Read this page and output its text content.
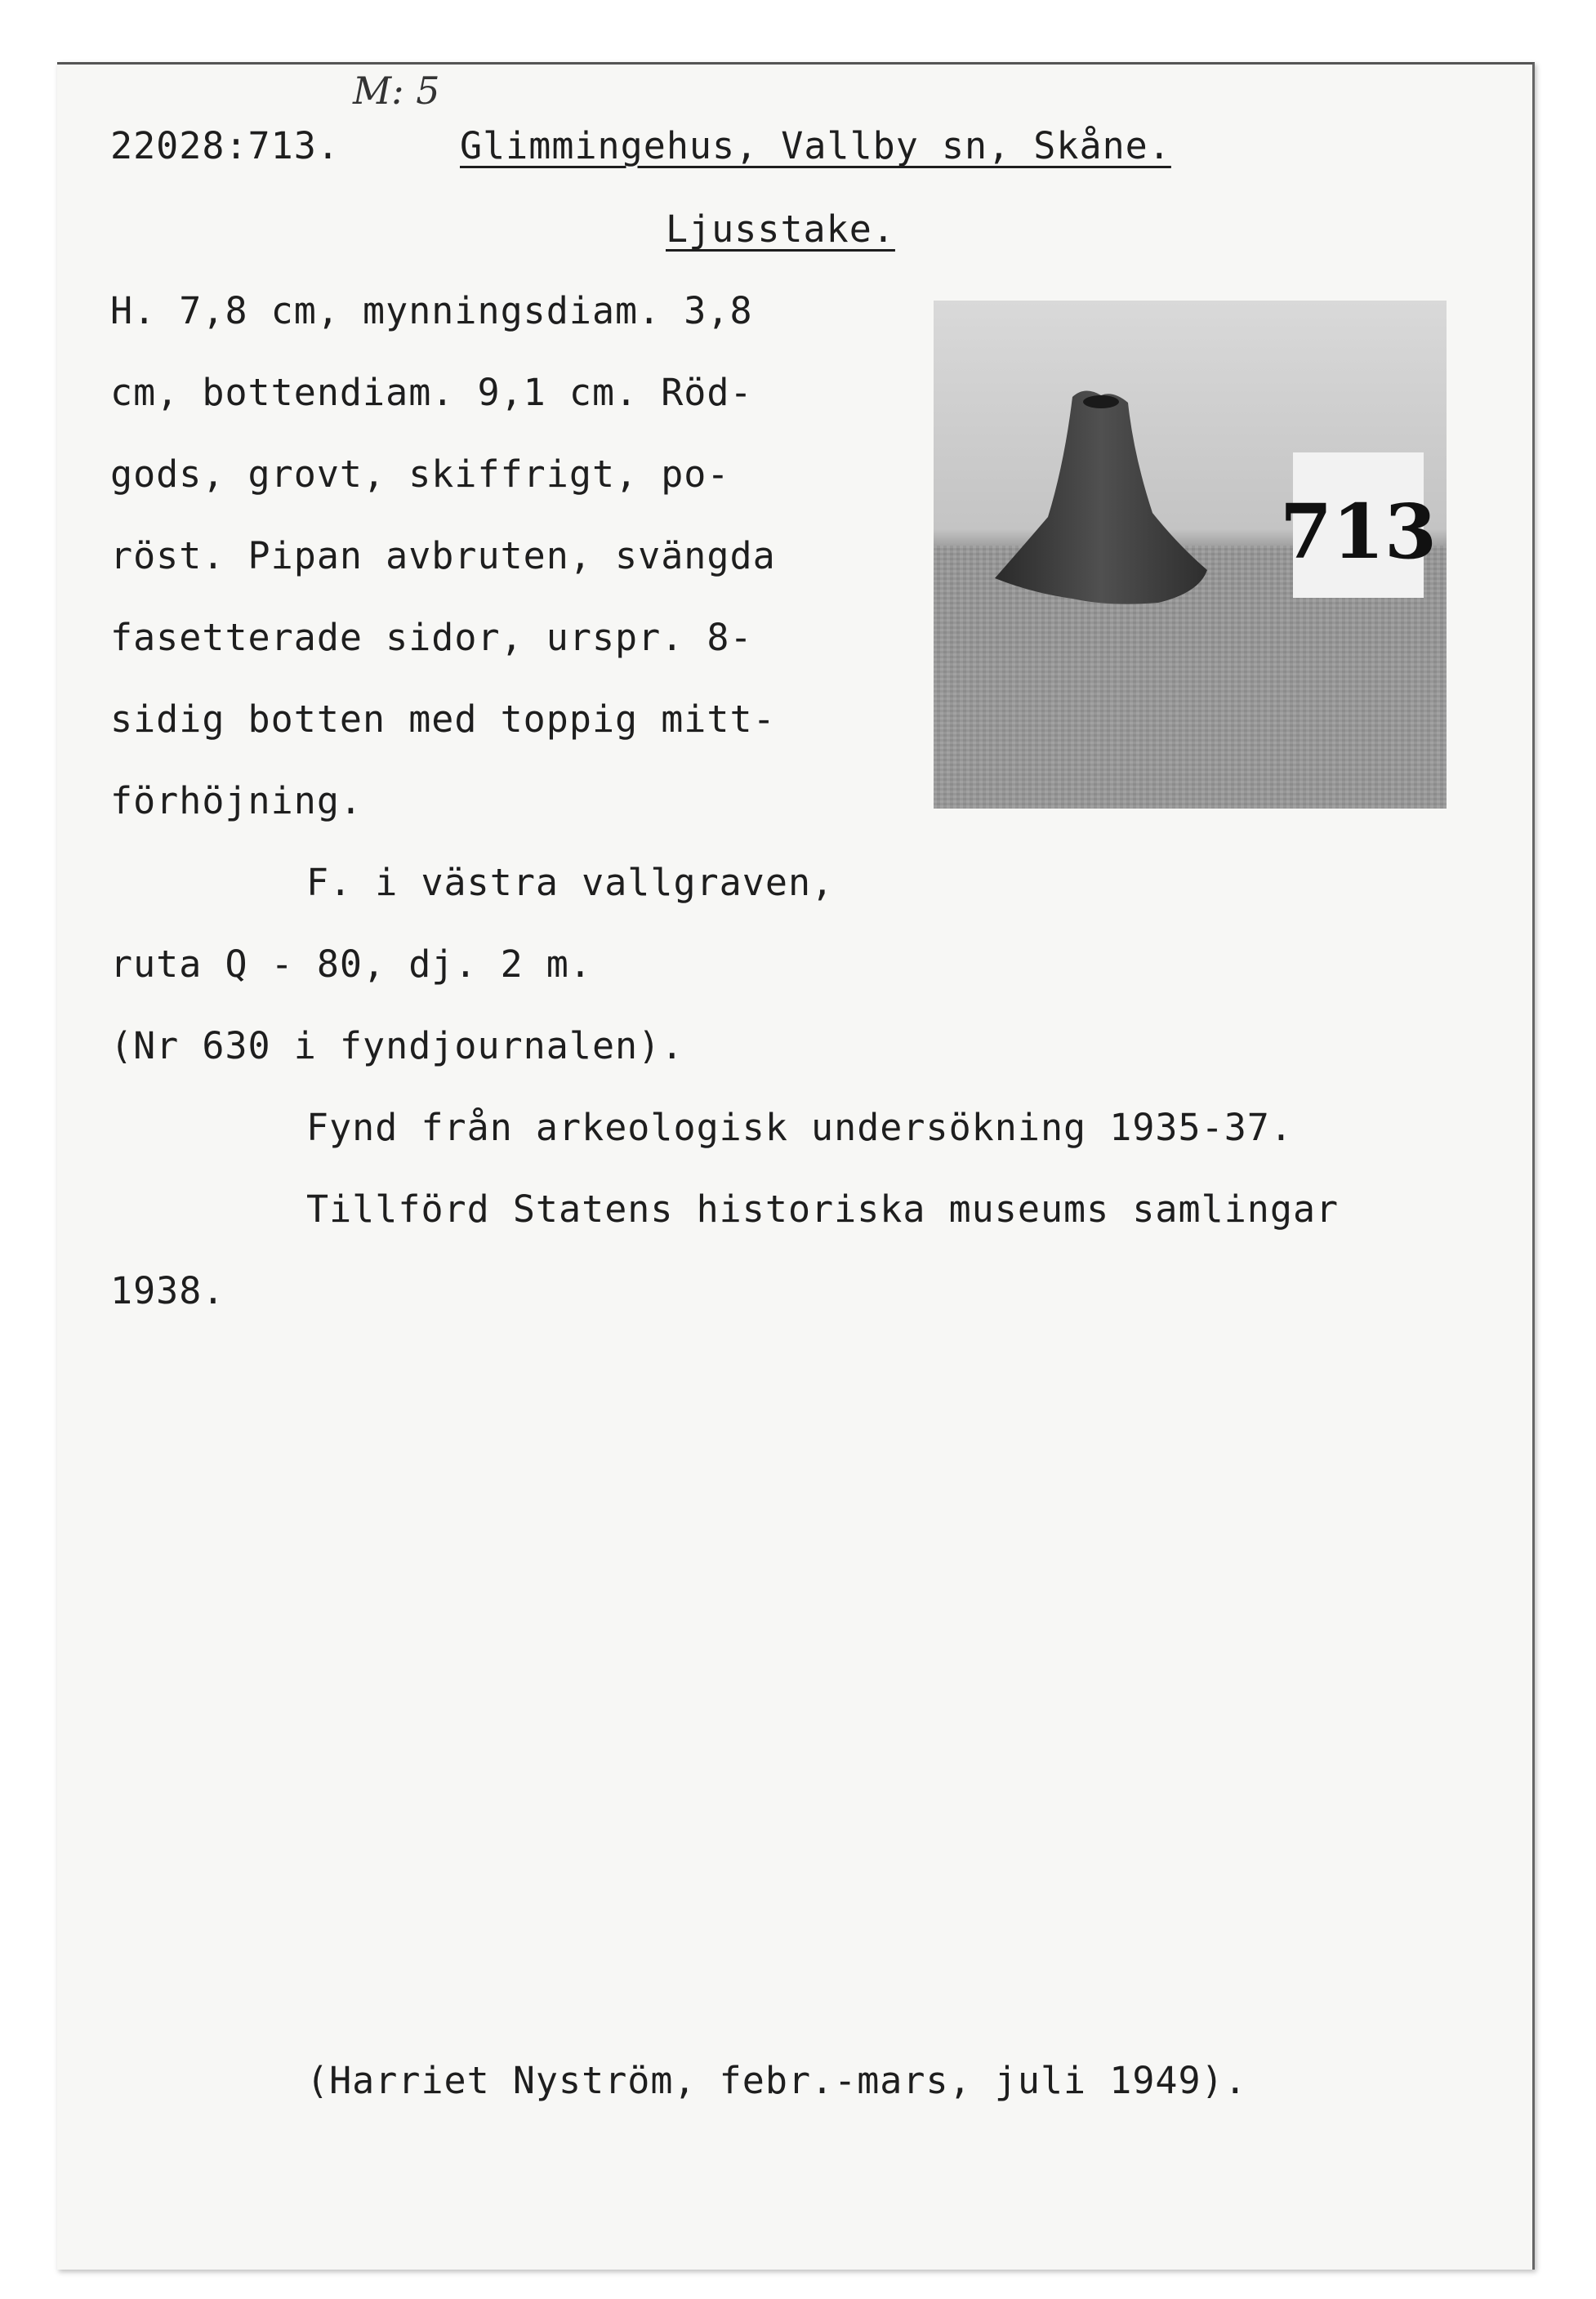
M: 5
22028:713.	Glimmingehus, Vallby sn, Skåne.
Ljusstake.
H. 7,8 cm, mynningsdiam. 3,8
cm, bottendiam. 9,1 cm. Röd-
gods, grovt, skiffrigt, po-
röst. Pipan avbruten, svängda
fasetterade sidor, urspr. 8-
sidig botten med toppig mitt-
förhöjning.
F. i västra vallgraven,
ruta Q - 80, dj. 2 m.
(Nr 630 i fyndjournalen).
Fynd från arkeologisk undersökning 1935-37.
Tillförd Statens historiska museums samlingar
1938.
(Harriet Nyström, febr.-mars, juli 1949).
713
